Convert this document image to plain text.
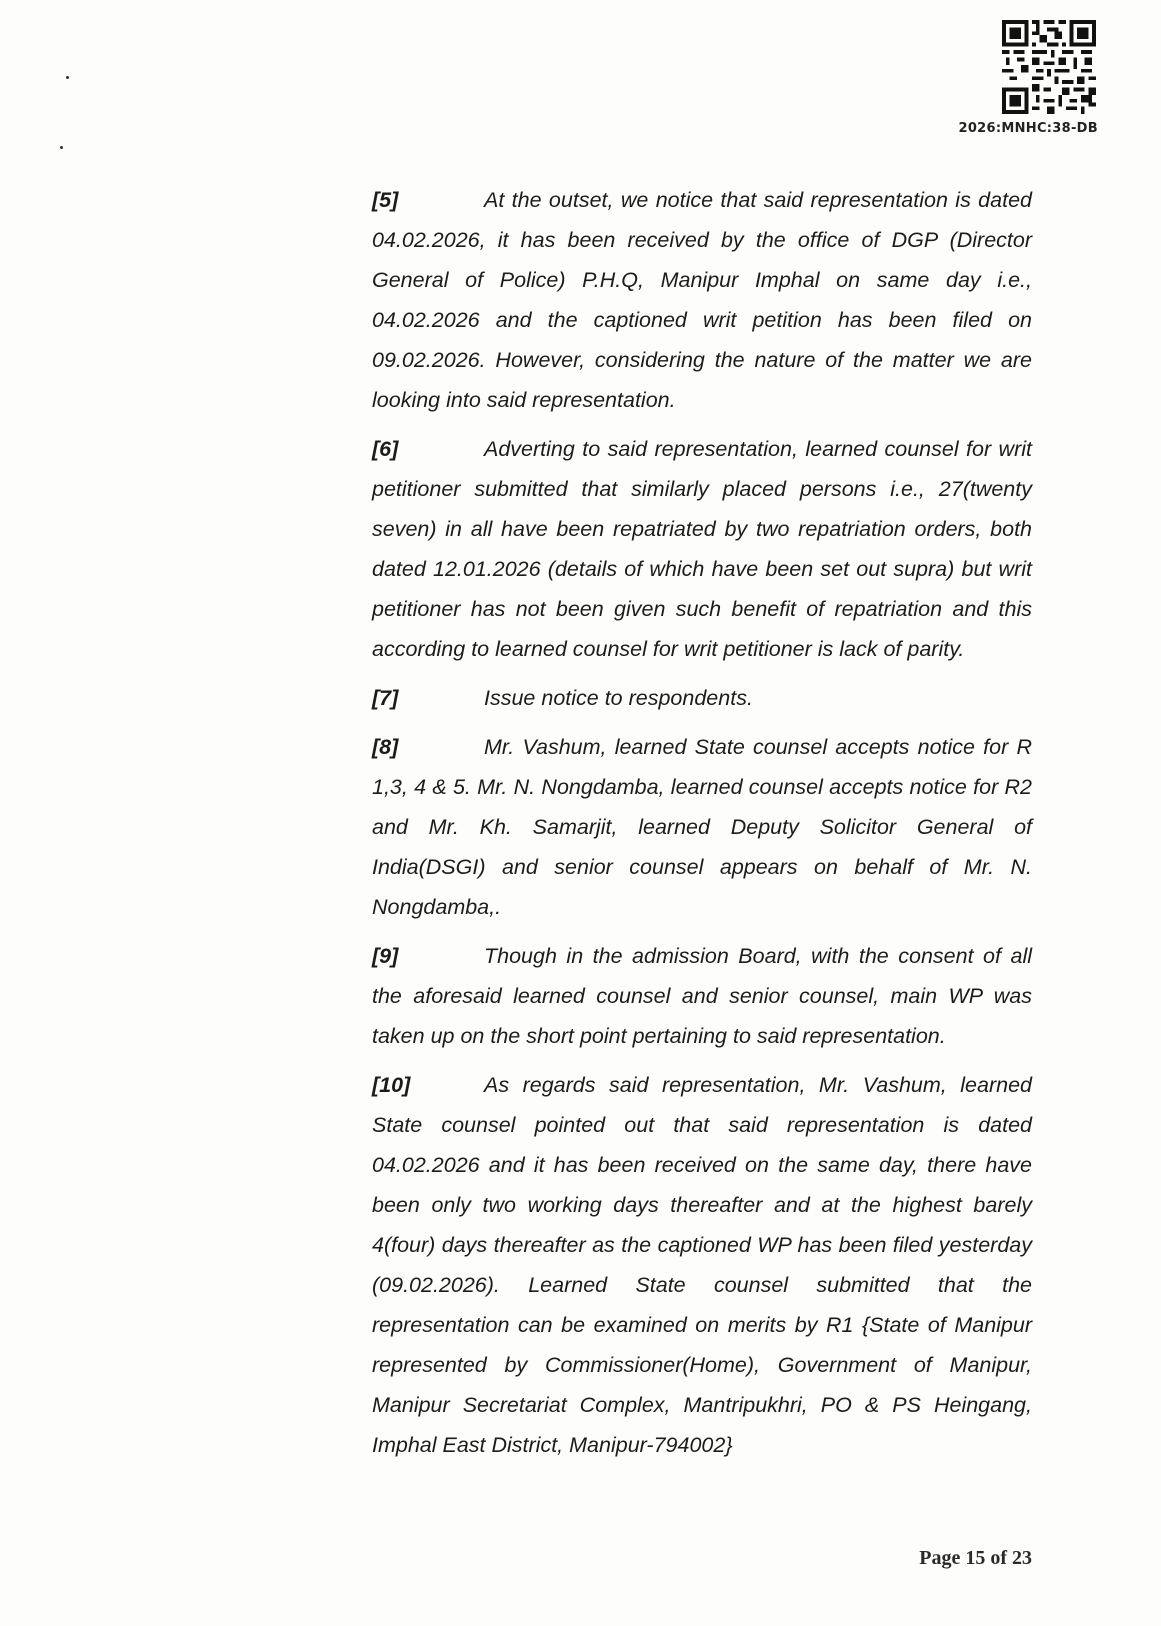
2026:MNHC:38-DB

[5]	At the outset, we notice that said representation is dated 04.02.2026, it has been received by the office of DGP (Director General of Police) P.H.Q, Manipur Imphal on same day i.e., 04.02.2026 and the captioned writ petition has been filed on 09.02.2026. However, considering the nature of the matter we are looking into said representation.

[6]	Adverting to said representation, learned counsel for writ petitioner submitted that similarly placed persons i.e., 27(twenty seven) in all have been repatriated by two repatriation orders, both dated 12.01.2026 (details of which have been set out supra) but writ petitioner has not been given such benefit of repatriation and this according to learned counsel for writ petitioner is lack of parity.

[7]	Issue notice to respondents.

[8]	Mr. Vashum, learned State counsel accepts notice for R 1,3, 4 & 5. Mr. N. Nongdamba, learned counsel accepts notice for R2 and Mr. Kh. Samarjit, learned Deputy Solicitor General of India(DSGI) and senior counsel appears on behalf of Mr. N. Nongdamba,.

[9]	Though in the admission Board, with the consent of all the aforesaid learned counsel and senior counsel, main WP was taken up on the short point pertaining to said representation.

[10]	As regards said representation, Mr. Vashum, learned State counsel pointed out that said representation is dated 04.02.2026 and it has been received on the same day, there have been only two working days thereafter and at the highest barely 4(four) days thereafter as the captioned WP has been filed yesterday (09.02.2026). Learned State counsel submitted that the representation can be examined on merits by R1 {State of Manipur represented by Commissioner(Home), Government of Manipur, Manipur Secretariat Complex, Mantripukhri, PO & PS Heingang, Imphal East District, Manipur-794002}

Page 15 of 23
